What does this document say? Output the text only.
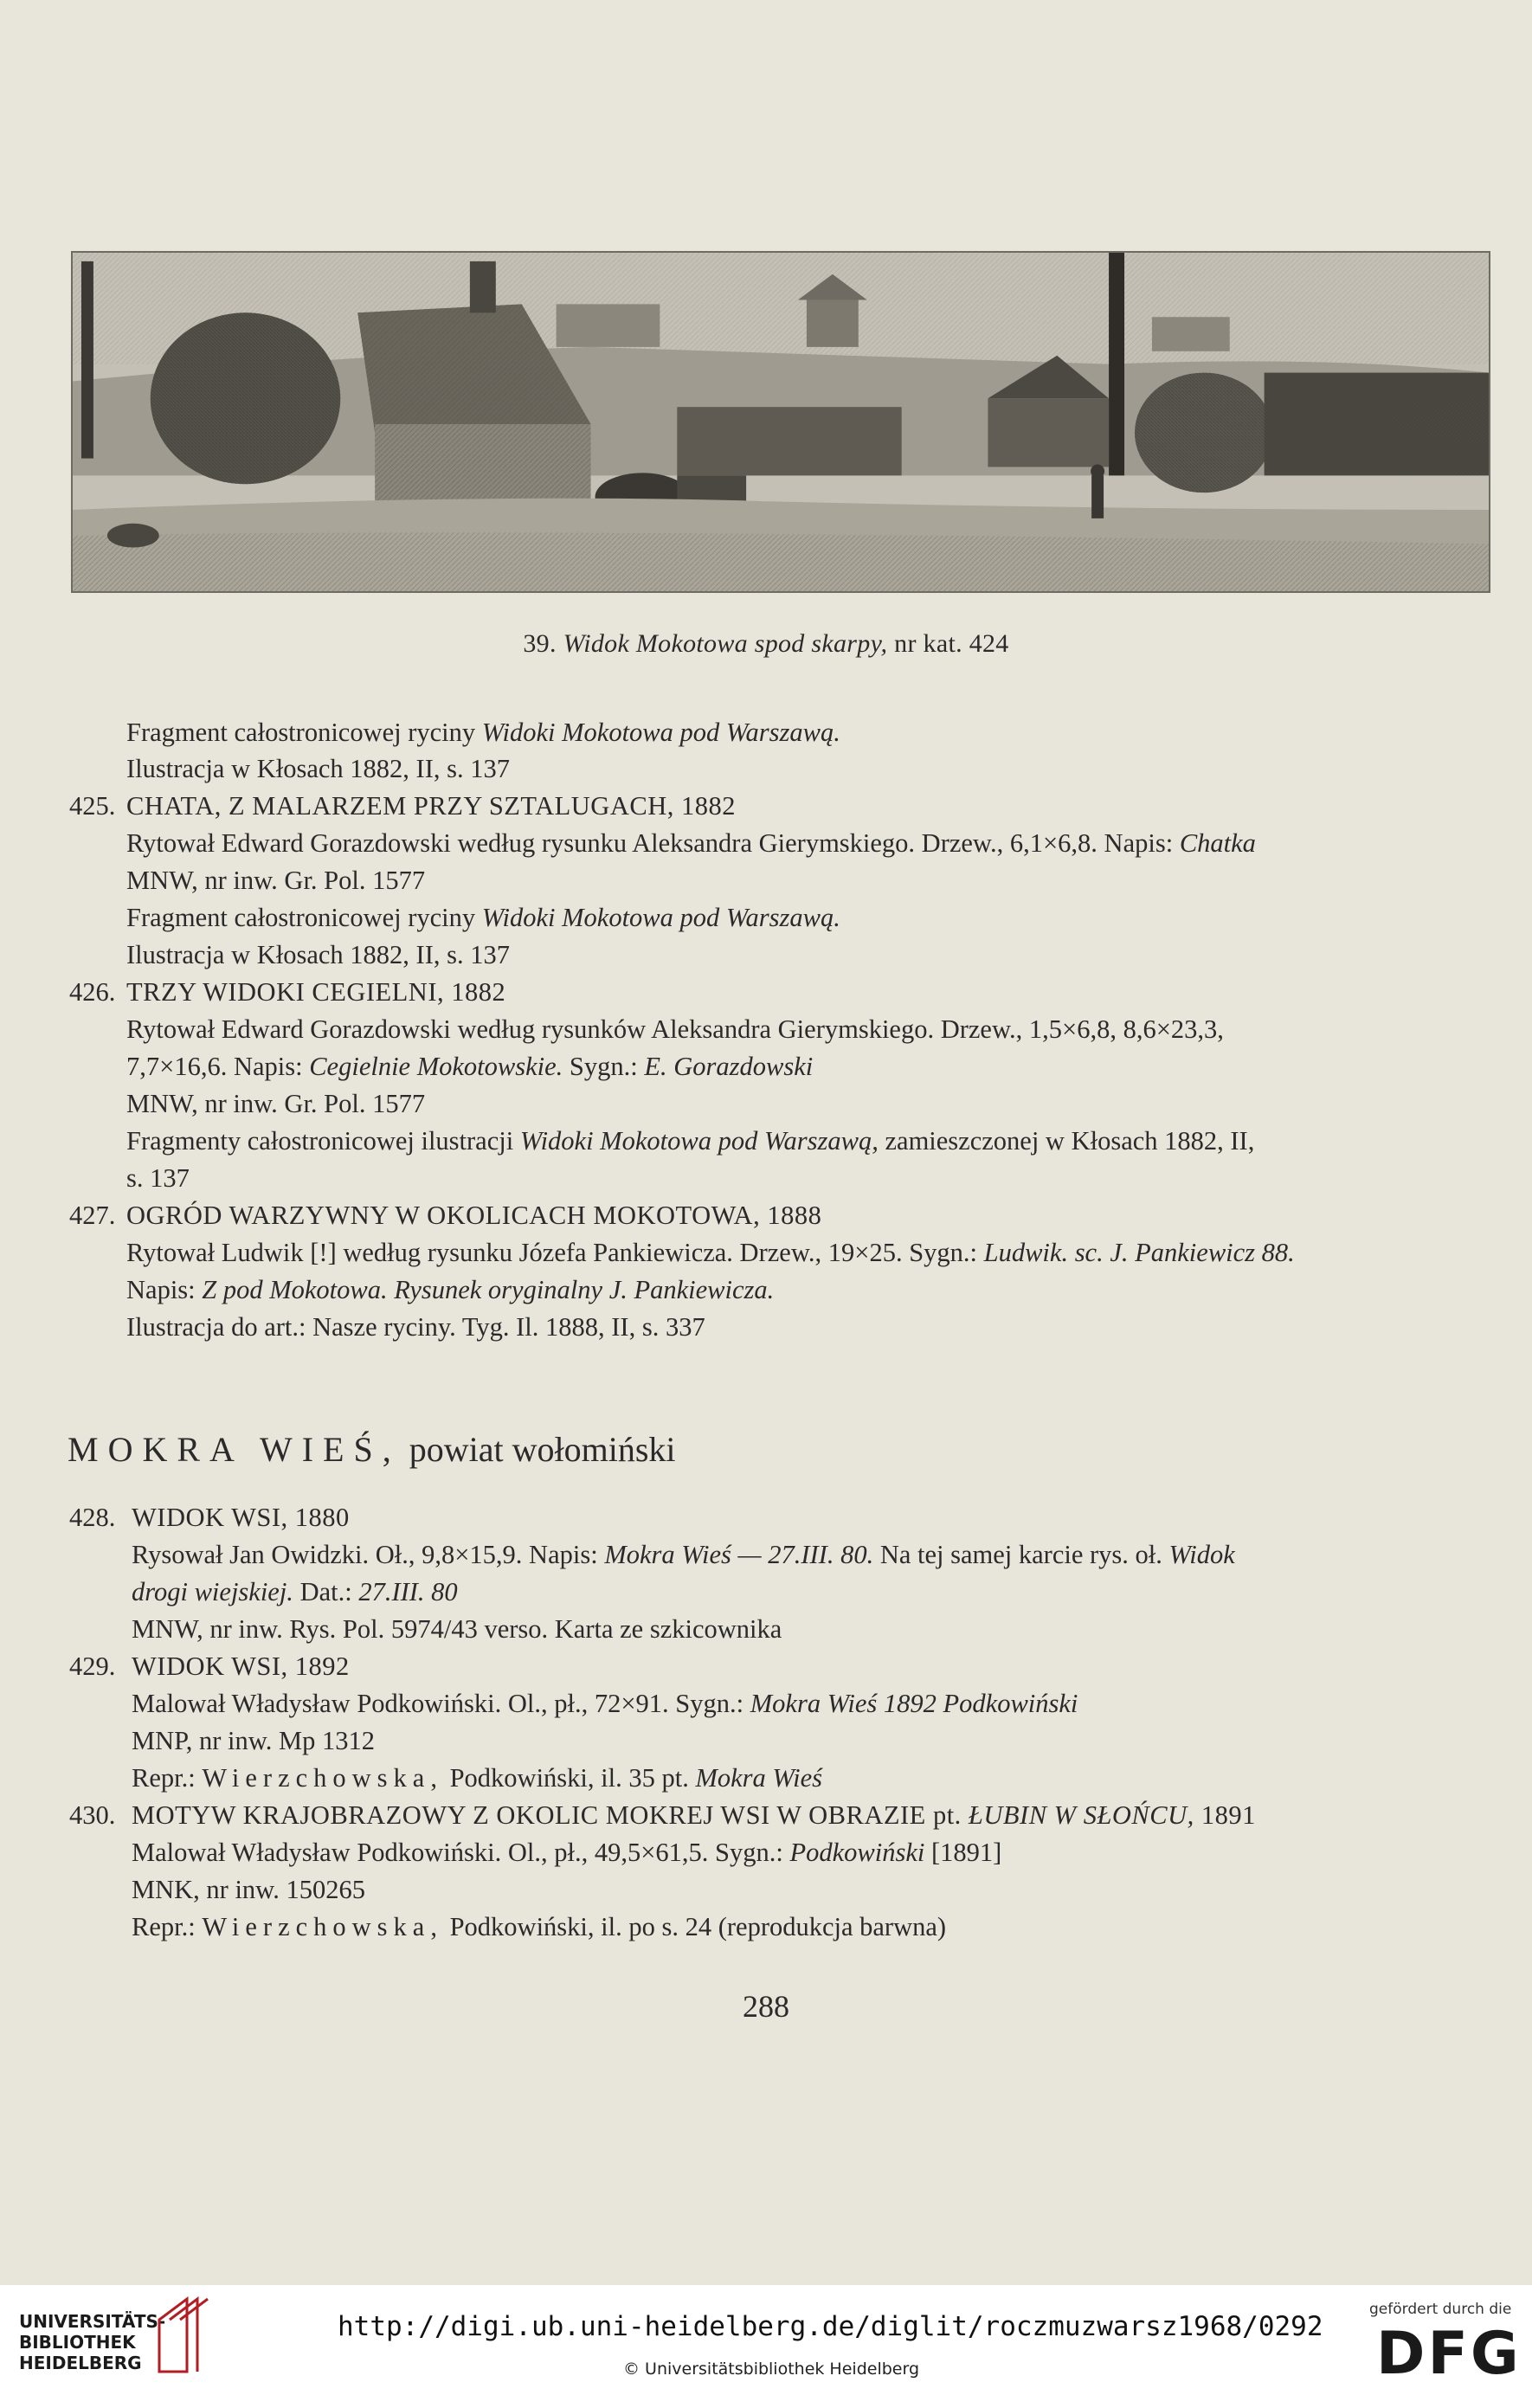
39. Widok Mokotowa spod skarpy, nr kat. 424
Fragment całostronicowej ryciny Widoki Mokotowa pod Warszawą.
Ilustracja w Kłosach 1882, II, s. 137
425. CHATA, Z MALARZEM PRZY SZTALUGACH, 1882
Rytował Edward Gorazdowski według rysunku Aleksandra Gierymskiego. Drzew., 6,1×6,8. Napis: Chatka
MNW, nr inw. Gr. Pol. 1577
Fragment całostronicowej ryciny Widoki Mokotowa pod Warszawą.
Ilustracja w Kłosach 1882, II, s. 137
426. TRZY WIDOKI CEGIELNI, 1882
Rytował Edward Gorazdowski według rysunków Aleksandra Gierymskiego. Drzew., 1,5×6,8, 8,6×23,3,
7,7×16,6. Napis: Cegielnie Mokotowskie. Sygn.: E. Gorazdowski
MNW, nr inw. Gr. Pol. 1577
Fragmenty całostronicowej ilustracji Widoki Mokotowa pod Warszawą, zamieszczonej w Kłosach 1882, II,
s. 137
427. OGRÓD WARZYWNY W OKOLICACH MOKOTOWA, 1888
Rytował Ludwik [!] według rysunku Józefa Pankiewicza. Drzew., 19×25. Sygn.: Ludwik. sc. J. Pankiewicz 88.
Napis: Z pod Mokotowa. Rysunek oryginalny J. Pankiewicza.
Ilustracja do art.: Nasze ryciny. Tyg. Il. 1888, II, s. 337
MOKRA WIEŚ, powiat wołomiński
428. WIDOK WSI, 1880
Rysował Jan Owidzki. Oł., 9,8×15,9. Napis: Mokra Wieś — 27.III. 80. Na tej samej karcie rys. oł. Widok
drogi wiejskiej. Dat.: 27.III. 80
MNW, nr inw. Rys. Pol. 5974/43 verso. Karta ze szkicownika
429. WIDOK WSI, 1892
Malował Władysław Podkowiński. Ol., pł., 72×91. Sygn.: Mokra Wieś 1892 Podkowiński
MNP, nr inw. Mp 1312
Repr.: Wierzchowska, Podkowiński, il. 35 pt. Mokra Wieś
430. MOTYW KRAJOBRAZOWY Z OKOLIC MOKREJ WSI W OBRAZIE pt. ŁUBIN W SŁOŃCU, 1891
Malował Władysław Podkowiński. Ol., pł., 49,5×61,5. Sygn.: Podkowiński [1891]
MNK, nr inw. 150265
Repr.: Wierzchowska, Podkowiński, il. po s. 24 (reprodukcja barwna)
288
UNIVERSITÄTS-
BIBLIOTHEK
HEIDELBERG
http://digi.ub.uni-heidelberg.de/diglit/roczmuzwarsz1968/0292
© Universitätsbibliothek Heidelberg
gefördert durch die
DFG
